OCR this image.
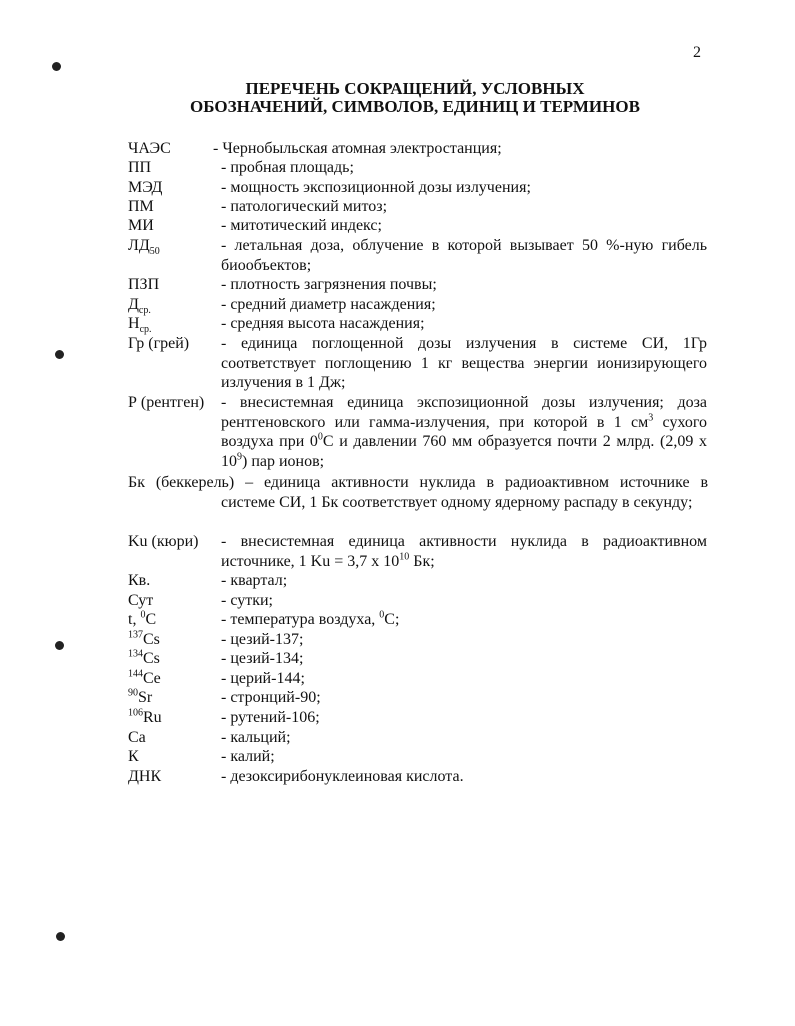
2
ПЕРЕЧЕНЬ СОКРАЩЕНИЙ, УСЛОВНЫХ
ОБОЗНАЧЕНИЙ, СИМВОЛОВ, ЕДИНИЦ И ТЕРМИНОВ
ЧАЭС	- Чернобыльская атомная электростанция;
ПП	- пробная площадь;
МЭД	- мощность экспозиционной дозы излучения;
ПМ	- патологический митоз;
МИ	- митотический индекс;
$ЛД_{50}$	- летальная доза, облучение в которой вызывает 50 %-ную гибель биообъектов;
ПЗП	- плотность загрязнения почвы;
$Д_{ср.}$	- средний диаметр насаждения;
$Н_{ср.}$	- средняя высота насаждения;
Гр (грей) - единица поглощенной дозы излучения в системе СИ, 1Гр соответствует поглощению 1 кг вещества энергии ионизирующего излучения в 1 Дж;
Р (рентген) - внесистемная единица экспозиционной дозы излучения; доза рентгеновского или гамма-излучения, при которой в 1 $см^3$ сухого воздуха при $0^0С$ и давлении 760 мм образуется почти 2 млрд. (2,09 х $10^9$) пар ионов;
Бк (беккерель) – единица активности нуклида в радиоактивном источнике в
системе СИ, 1 Бк соответствует одному ядерному распаду в секунду;
Ku (кюри) - внесистемная единица активности нуклида в радиоактивном источнике, 1 Ku = 3,7 х $10^{10}$ Бк;
Кв.	- квартал;
Сут	- сутки;
t, $^0$С	- температура воздуха, $^0$С;
$^{137}$Cs	- цезий-137;
$^{134}$Cs	- цезий-134;
$^{144}$Ce	- церий-144;
$^{90}$Sr	- стронций-90;
$^{106}$Ru	- рутений-106;
Ca	- кальций;
К	- калий;
ДНК	- дезоксирибонуклеиновая кислота.
